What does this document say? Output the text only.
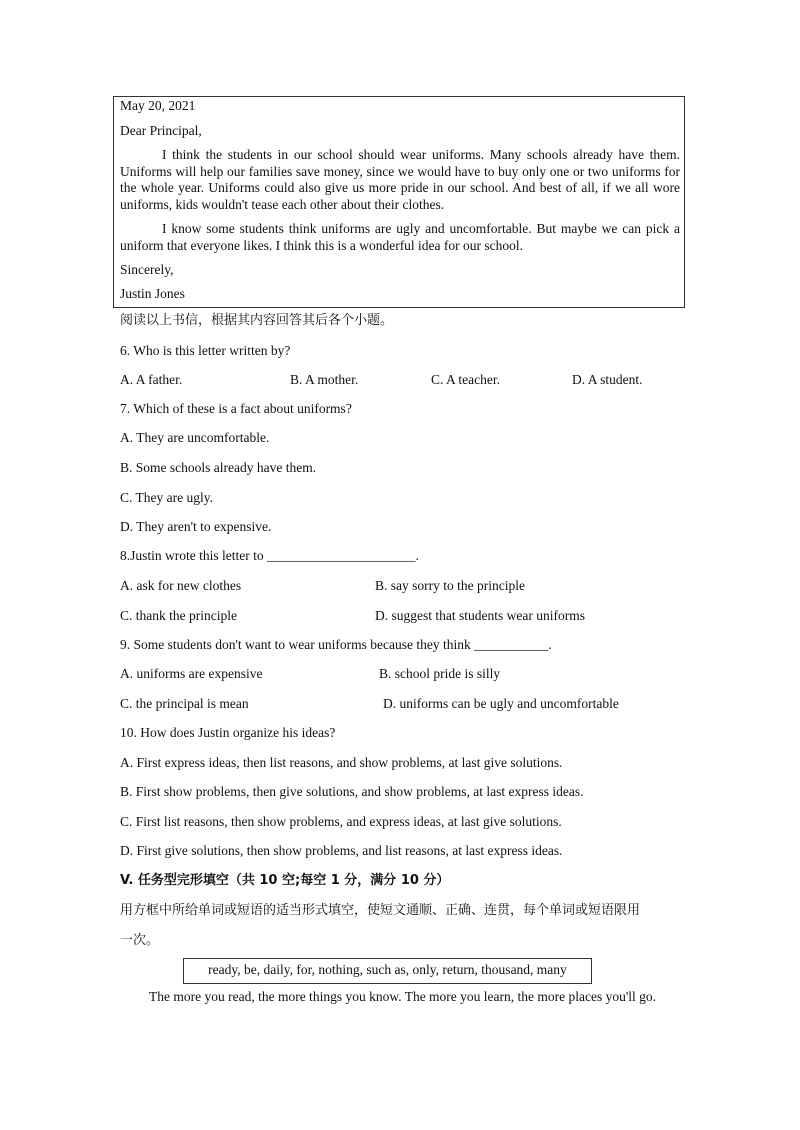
May 20, 2021
Dear Principal,
I think the students in our school should wear uniforms. Many schools already have them. Uniforms will help our families save money, since we would have to buy only one or two uniforms for the whole year. Uniforms could also give us more pride in our school. And best of all, if we all wore uniforms, kids wouldn't tease each other about their clothes.
I know some students think uniforms are ugly and uncomfortable. But maybe we can pick a uniform that everyone likes. I think this is a wonderful idea for our school.
Sincerely,
Justin Jones
阅读以上书信，根据其内容回答其后各个小题。
6. Who is this letter written by?
A. A father.	B. A mother.	C. A teacher.	D. A student.
7. Which of these is a fact about uniforms?
A. They are uncomfortable.
B. Some schools already have them.
C. They are ugly.
D. They aren't to expensive.
8.Justin wrote this letter to ______________________.
A. ask for new clothes	B. say sorry to the principle
C. thank the principle	D. suggest that students wear uniforms
9. Some students don't want to wear uniforms because they think ___________.
A. uniforms are expensive	B. school pride is silly
C. the principal is mean	D. uniforms can be ugly and uncomfortable
10. How does Justin organize his ideas?
A. First express ideas, then list reasons, and show problems, at last give solutions.
B. First show problems, then give solutions, and show problems, at last express ideas.
C. First list reasons, then show problems, and express ideas, at last give solutions.
D. First give solutions, then show problems, and list reasons, at last express ideas.
V. 任务型完形填空（共 10 空;每空 1 分，满分 10 分）
用方框中所给单词或短语的适当形式填空，使短文通顺、正确、连贯，每个单词或短语限用
一次。
ready, be, daily, for, nothing, such as, only, return, thousand, many
The more you read, the more things you know. The more you learn, the more places you'll go.
